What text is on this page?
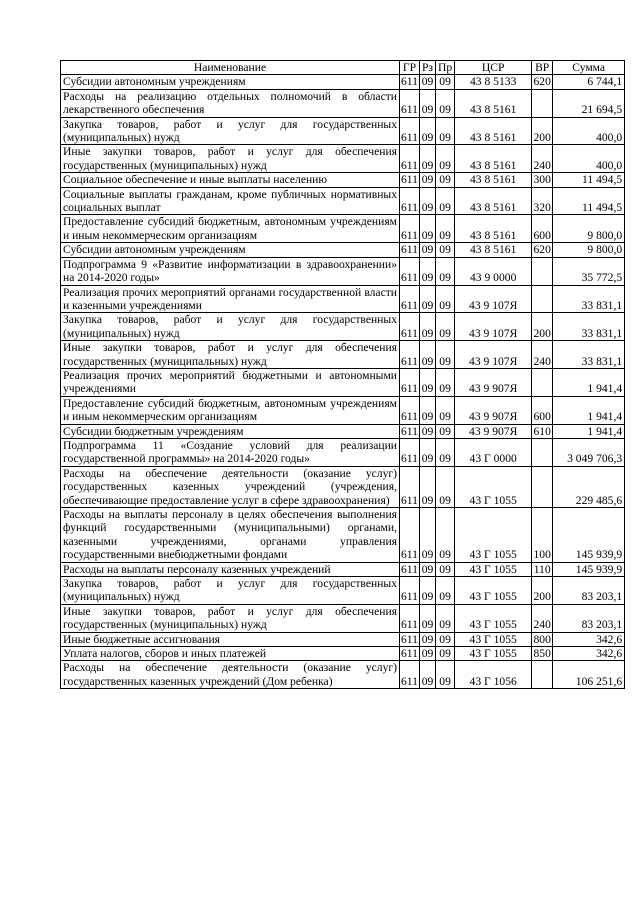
Наименование	ГР	Рз	Пр	ЦСР	ВР	Сумма
Субсидии автономным учреждениям	611	09	09	43 8 5133	620	6 744,1
Расходы на реализацию отдельных полномочий в области лекарственного обеспечения	611	09	09	43 8 5161		21 694,5
Закупка товаров, работ и услуг для государственных (муниципальных) нужд	611	09	09	43 8 5161	200	400,0
Иные закупки товаров, работ и услуг для обеспечения государственных (муниципальных) нужд	611	09	09	43 8 5161	240	400,0
Социальное обеспечение и иные выплаты населению	611	09	09	43 8 5161	300	11 494,5
Социальные выплаты гражданам, кроме публичных нормативных социальных выплат	611	09	09	43 8 5161	320	11 494,5
Предоставление субсидий бюджетным, автономным учреждениям и иным некоммерческим организациям	611	09	09	43 8 5161	600	9 800,0
Субсидии автономным учреждениям	611	09	09	43 8 5161	620	9 800,0
Подпрограмма 9 «Развитие информатизации в здравоохранении» на 2014-2020 годы»	611	09	09	43 9 0000		35 772,5
Реализация прочих мероприятий органами государственной власти и казенными учреждениями	611	09	09	43 9 107Я		33 831,1
Закупка товаров, работ и услуг для государственных (муниципальных) нужд	611	09	09	43 9 107Я	200	33 831,1
Иные закупки товаров, работ и услуг для обеспечения государственных (муниципальных) нужд	611	09	09	43 9 107Я	240	33 831,1
Реализация прочих мероприятий бюджетными и автономными учреждениями	611	09	09	43 9 907Я		1 941,4
Предоставление субсидий бюджетным, автономным учреждениям и иным некоммерческим организациям	611	09	09	43 9 907Я	600	1 941,4
Субсидии бюджетным учреждениям	611	09	09	43 9 907Я	610	1 941,4
Подпрограмма 11 «Создание условий для реализации государственной программы» на 2014-2020 годы»	611	09	09	43 Г 0000		3 049 706,3
Расходы на обеспечение деятельности (оказание услуг) государственных казенных учреждений (учреждения, обеспечивающие предоставление услуг в сфере здравоохранения)	611	09	09	43 Г 1055		229 485,6
Расходы на выплаты персоналу в целях обеспечения выполнения функций государственными (муниципальными) органами, казенными учреждениями, органами управления государственными внебюджетными фондами	611	09	09	43 Г 1055	100	145 939,9
Расходы на выплаты персоналу казенных учреждений	611	09	09	43 Г 1055	110	145 939,9
Закупка товаров, работ и услуг для государственных (муниципальных) нужд	611	09	09	43 Г 1055	200	83 203,1
Иные закупки товаров, работ и услуг для обеспечения государственных (муниципальных) нужд	611	09	09	43 Г 1055	240	83 203,1
Иные бюджетные ассигнования	611	09	09	43 Г 1055	800	342,6
Уплата налогов, сборов и иных платежей	611	09	09	43 Г 1055	850	342,6
Расходы на обеспечение деятельности (оказание услуг) государственных казенных учреждений (Дом ребенка)	611	09	09	43 Г 1056		106 251,6
